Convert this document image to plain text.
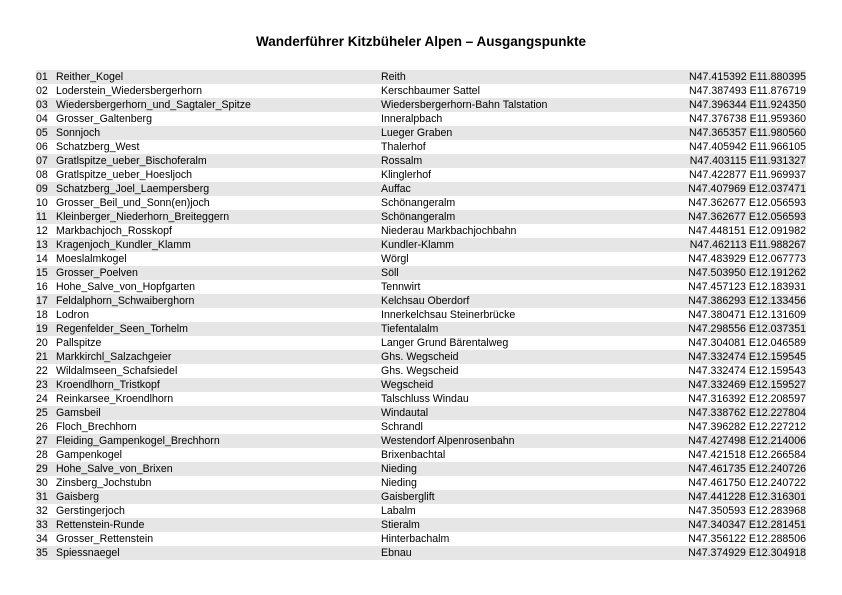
Wanderführer Kitzbüheler Alpen – Ausgangspunkte
01 Reither_Kogel	Reith	N47.415392 E11.880395
02 Loderstein_Wiedersbergerhorn	Kerschbaumer Sattel	N47.387493 E11.876719
03 Wiedersbergerhorn_und_Sagtaler_Spitze	Wiedersbergerhorn-Bahn Talstation	N47.396344 E11.924350
04 Grosser_Galtenberg	Inneralpbach	N47.376738 E11.959360
05 Sonnjoch	Lueger Graben	N47.365357 E11.980560
06 Schatzberg_West	Thalerhof	N47.405942 E11.966105
07 Gratlspitze_ueber_Bischoferalm	Rossalm	N47.403115 E11.931327
08 Gratlspitze_ueber_Hoesljoch	Klinglerhof	N47.422877 E11.969937
09 Schatzberg_Joel_Laempersberg	Auffac	N47.407969 E12.037471
10 Grosser_Beil_und_Sonn(en)joch	Schönangeralm	N47.362677 E12.056593
11 Kleinberger_Niederhorn_Breiteggern	Schönangeralm	N47.362677 E12.056593
12 Markbachjoch_Rosskopf	Niederau Markbachjochbahn	N47.448151 E12.091982
13 Kragenjoch_Kundler_Klamm	Kundler-Klamm	N47.462113 E11.988267
14 Moeslalmkogel	Wörgl	N47.483929 E12.067773
15 Grosser_Poelven	Söll	N47.503950 E12.191262
16 Hohe_Salve_von_Hopfgarten	Tennwirt	N47.457123 E12.183931
17 Feldalphorn_Schwaiberghorn	Kelchsau Oberdorf	N47.386293 E12.133456
18 Lodron	Innerkelchsau Steinerbrücke	N47.380471 E12.131609
19 Regenfelder_Seen_Torhelm	Tiefentalalm	N47.298556 E12.037351
20 Pallspitze	Langer Grund Bärentalweg	N47.304081 E12.046589
21 Markkirchl_Salzachgeier	Ghs. Wegscheid	N47.332474 E12.159545
22 Wildalmseen_Schafsiedel	Ghs. Wegscheid	N47.332474 E12.159543
23 Kroendlhorn_Tristkopf	Wegscheid	N47.332469 E12.159527
24 Reinkarsee_Kroendlhorn	Talschluss Windau	N47.316392 E12.208597
25 Gamsbeil	Windautal	N47.338762 E12.227804
26 Floch_Brechhorn	Schrandl	N47.396282 E12.227212
27 Fleiding_Gampenkogel_Brechhorn	Westendorf Alpenrosenbahn	N47.427498 E12.214006
28 Gampenkogel	Brixenbachtal	N47.421518 E12.266584
29 Hohe_Salve_von_Brixen	Nieding	N47.461735 E12.240726
30 Zinsberg_Jochstubn	Nieding	N47.461750 E12.240722
31 Gaisberg	Gaisberglift	N47.441228 E12.316301
32 Gerstingerjoch	Labalm	N47.350593 E12.283968
33 Rettenstein-Runde	Stieralm	N47.340347 E12.281451
34 Grosser_Rettenstein	Hinterbachalm	N47.356122 E12.288506
35 Spiessnaegel	Ebnau	N47.374929 E12.304918
